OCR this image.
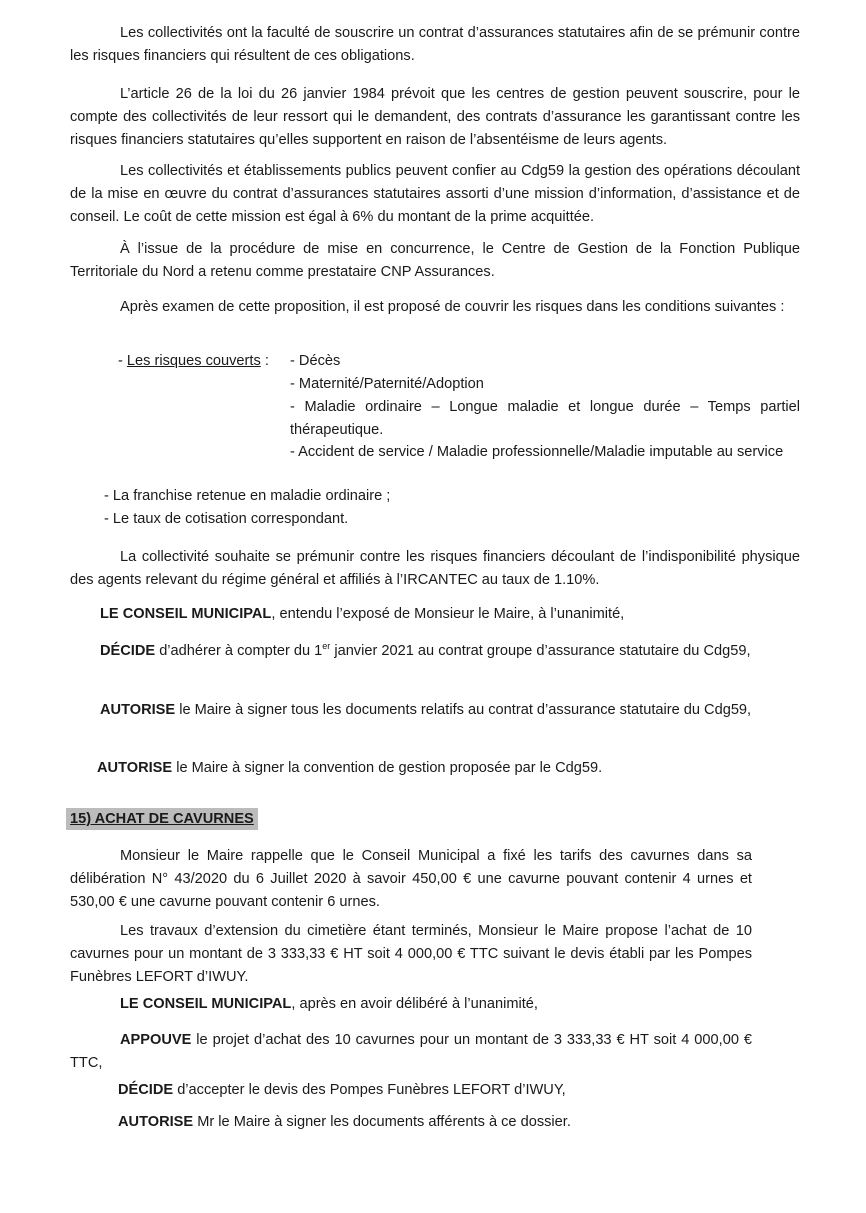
Les collectivités ont la faculté de souscrire un contrat d’assurances statutaires afin de se prémunir contre les risques financiers qui résultent de ces obligations.

L’article 26 de la loi du 26 janvier 1984 prévoit que les centres de gestion peuvent souscrire, pour le compte des collectivités de leur ressort qui le demandent, des contrats d’assurance les garantissant contre les risques financiers statutaires qu’elles supportent en raison de l’absentéisme de leurs agents.

Les collectivités et établissements publics peuvent confier au Cdg59 la gestion des opérations découlant de la mise en œuvre du contrat d’assurances statutaires assorti d’une mission d’information, d’assistance et de conseil. Le coût de cette mission est égal à 6% du montant de la prime acquittée.

À l’issue de la procédure de mise en concurrence, le Centre de Gestion de la Fonction Publique Territoriale du Nord a retenu comme prestataire CNP Assurances.

Après examen de cette proposition, il est proposé de couvrir les risques dans les conditions suivantes :

- Les risques couverts : - Décès

- Maternité/Paternité/Adoption

- Maladie ordinaire – Longue maladie et longue durée – Temps partiel thérapeutique.

- Accident de service / Maladie professionnelle/Maladie imputable au service

- La franchise retenue en maladie ordinaire ;

- Le taux de cotisation correspondant.

La collectivité souhaite se prémunir contre les risques financiers découlant de l’indisponibilité physique des agents relevant du régime général et affiliés à l’IRCANTEC au taux de 1.10%.

LE CONSEIL MUNICIPAL, entendu l’exposé de Monsieur le Maire, à l’unanimité,

DÉCIDE d’adhérer à compter du 1er janvier 2021 au contrat groupe d’assurance statutaire du Cdg59,

AUTORISE le Maire à signer tous les documents relatifs au contrat d’assurance statutaire du Cdg59,

AUTORISE le Maire à signer la convention de gestion proposée par le Cdg59.

15) ACHAT DE CAVURNES

Monsieur le Maire rappelle que le Conseil Municipal a fixé les tarifs des cavurnes dans sa délibération N° 43/2020 du 6 Juillet 2020 à savoir 450,00 € une cavurne pouvant contenir 4 urnes et 530,00 € une cavurne pouvant contenir 6 urnes.

Les travaux d’extension du cimetière étant terminés, Monsieur le Maire propose l’achat de 10 cavurnes pour un montant de 3 333,33 € HT soit 4 000,00 € TTC suivant le devis établi par les Pompes Funèbres LEFORT d’IWUY.

LE CONSEIL MUNICIPAL, après en avoir délibéré à l’unanimité,

APPOUVE le projet d’achat des 10 cavurnes pour un montant de 3 333,33 € HT soit 4 000,00 € TTC,

DÉCIDE d’accepter le devis des Pompes Funèbres LEFORT d’IWUY,

AUTORISE Mr le Maire à signer les documents afférents à ce dossier.
